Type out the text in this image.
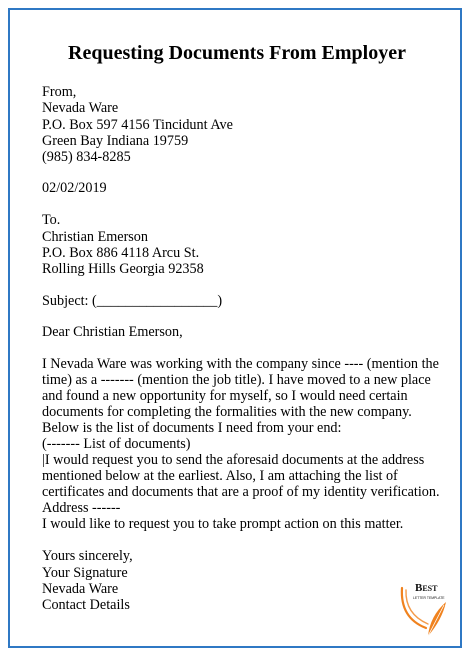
Requesting Documents From Employer
From,
Nevada Ware
P.O. Box 597 4156 Tincidunt Ave
Green Bay Indiana 19759
(985) 834-8285
02/02/2019
To.
Christian Emerson
P.O. Box 886 4118 Arcu St.
Rolling Hills Georgia 92358
Subject: (_________________)
Dear Christian Emerson,
I Nevada Ware was working with the company since ---- (mention the
time) as a ------- (mention the job title). I have moved to a new place
and found a new opportunity for myself, so I would need certain
documents for completing the formalities with the new company.
Below is the list of documents I need from your end:
(------- List of documents)
|I would request you to send the aforesaid documents at the address
mentioned below at the earliest. Also, I am attaching the list of
certificates and documents that are a proof of my identity verification.
Address ------
I would like to request you to take prompt action on this matter.
Yours sincerely,
Your Signature
Nevada Ware
Contact Details
BEST
LETTER TEMPLATE
